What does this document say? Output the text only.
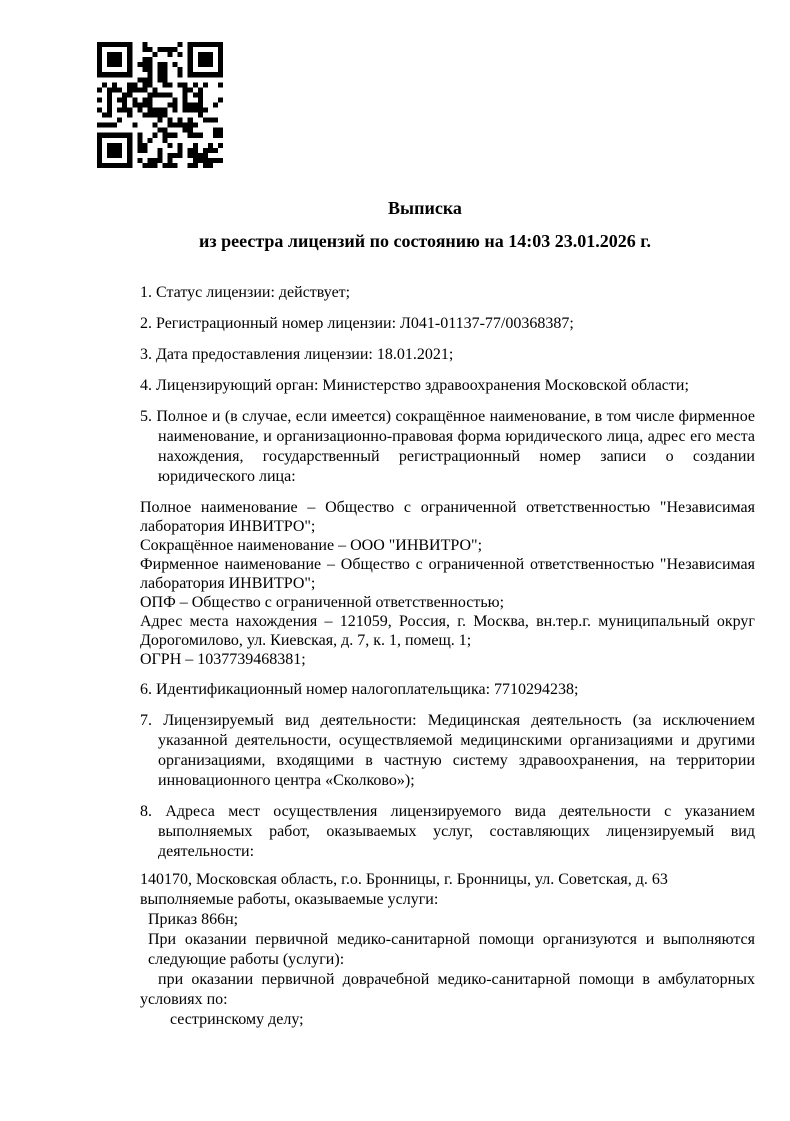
Выписка
из реестра лицензий по состоянию на 14:03 23.01.2026 г.

1. Статус лицензии: действует;

2. Регистрационный номер лицензии: Л041-01137-77/00368387;

3. Дата предоставления лицензии: 18.01.2021;

4. Лицензирующий орган: Министерство здравоохранения Московской области;

5. Полное и (в случае, если имеется) сокращённое наименование, в том числе фирменное наименование, и организационно-правовая форма юридического лица, адрес его места нахождения, государственный регистрационный номер записи о создании юридического лица:

Полное наименование – Общество с ограниченной ответственностью "Независимая лаборатория ИНВИТРО";
Сокращённое наименование – ООО "ИНВИТРО";
Фирменное наименование – Общество с ограниченной ответственностью "Независимая лаборатория ИНВИТРО";
ОПФ – Общество с ограниченной ответственностью;
Адрес места нахождения – 121059, Россия, г. Москва, вн.тер.г. муниципальный округ Дорогомилово, ул. Киевская, д. 7, к. 1, помещ. 1;
ОГРН – 1037739468381;

6. Идентификационный номер налогоплательщика: 7710294238;

7. Лицензируемый вид деятельности: Медицинская деятельность (за исключением указанной деятельности, осуществляемой медицинскими организациями и другими организациями, входящими в частную систему здравоохранения, на территории инновационного центра «Сколково»);

8. Адреса мест осуществления лицензируемого вида деятельности с указанием выполняемых работ, оказываемых услуг, составляющих лицензируемый вид деятельности:

140170, Московская область, г.о. Бронницы, г. Бронницы, ул. Советская, д. 63
выполняемые работы, оказываемые услуги:
Приказ 866н;
При оказании первичной медико-санитарной помощи организуются и выполняются следующие работы (услуги):
при оказании первичной доврачебной медико-санитарной помощи в амбулаторных условиях по:
сестринскому делу;
